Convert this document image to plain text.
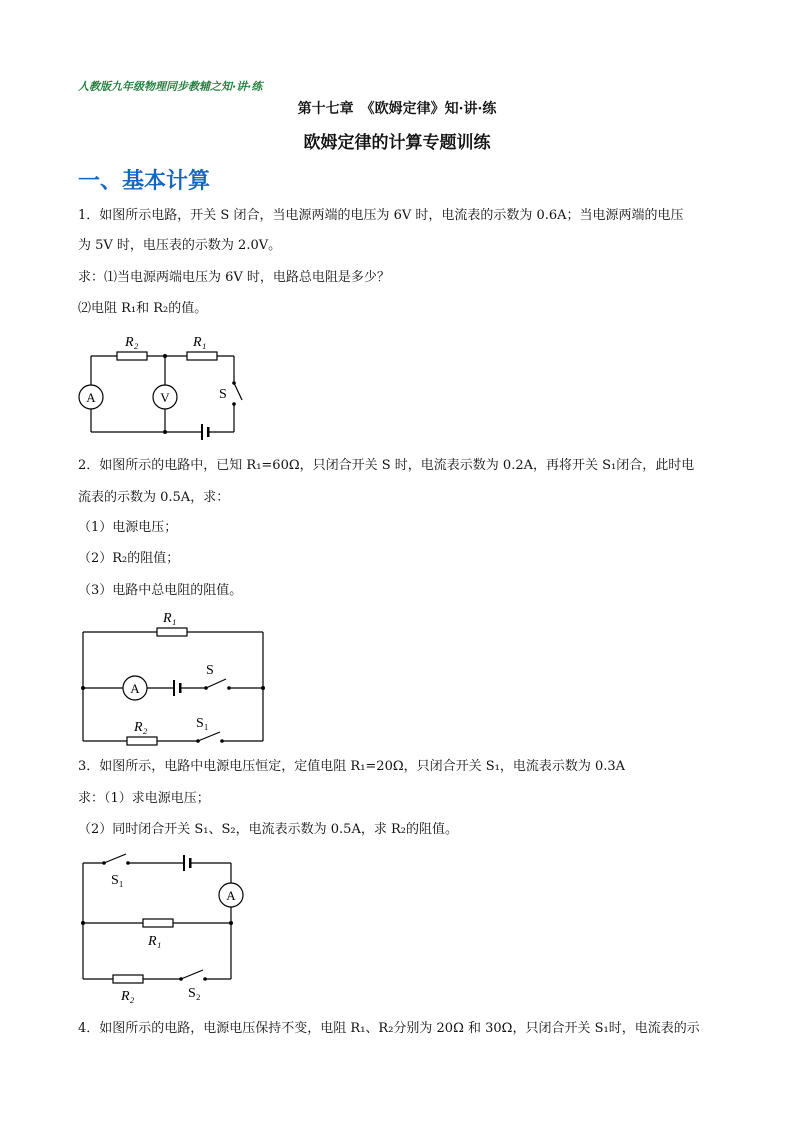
人教版九年级物理同步教辅之知·讲·练
第十七章　《欧姆定律》知·讲·练
欧姆定律的计算专题训练
一、基本计算
1．如图所示电路，开关 S 闭合，当电源两端的电压为 6V 时，电流表的示数为 0.6A；当电源两端的电压
为 5V 时，电压表的示数为 2.0V。
求：⑴当电源两端电压为 6V 时，电路总电阻是多少？
⑵电阻 R₁和 R₂的值。
R₂	R₁
A	V	S
2．如图所示的电路中，已知 R₁=60Ω，只闭合开关 S 时，电流表示数为 0.2A，再将开关 S₁闭合，此时电
流表的示数为 0.5A，求：
（1）电源电压；
（2）R₂的阻值；
（3）电路中总电阻的阻值。
R₁
A
S
R₂	S₁
3．如图所示，电路中电源电压恒定，定值电阻 R₁=20Ω，只闭合开关 S₁，电流表示数为 0.3A
求：（1）求电源电压；
（2）同时闭合开关 S₁、S₂，电流表示数为 0.5A，求 R₂的阻值。
S₁
A
R₁
R₂	S₂
4．如图所示的电路，电源电压保持不变，电阻 R₁、R₂分别为 20Ω 和 30Ω，只闭合开关 S₁时，电流表的示
